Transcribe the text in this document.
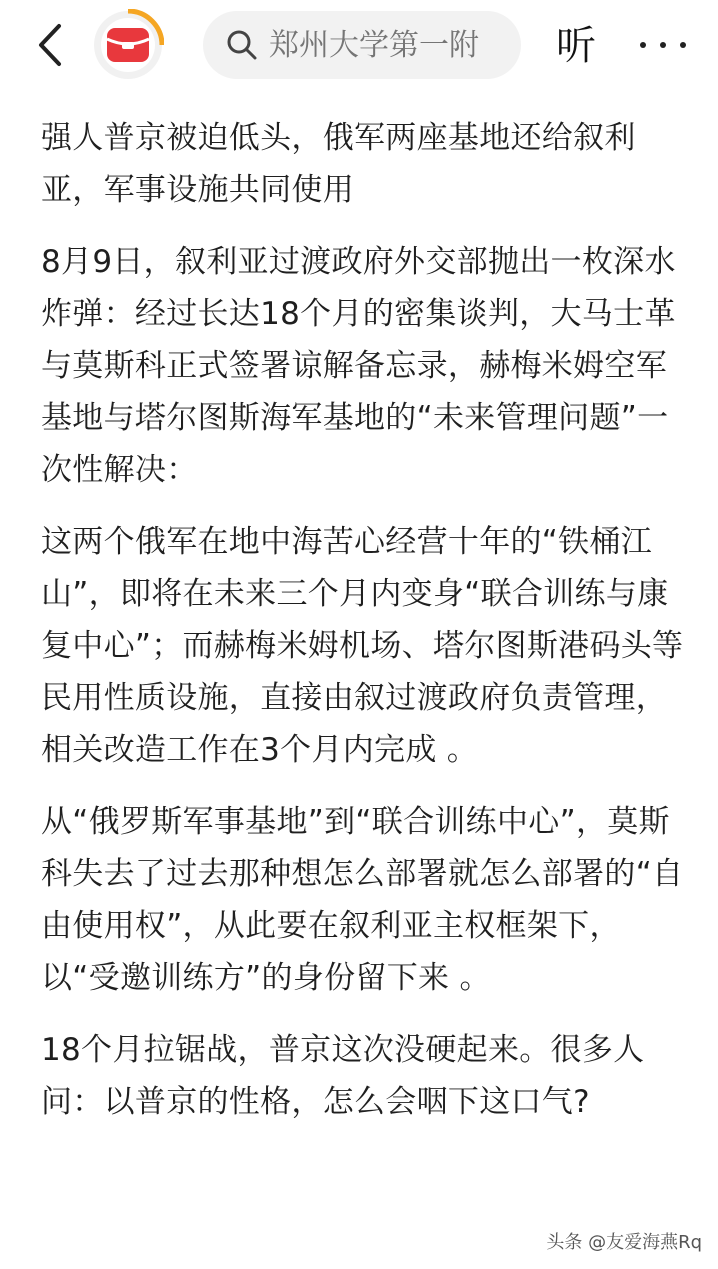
郑州大学第一附
听

强人普京被迫低头，俄军两座基地还给叙利亚，军事设施共同使用

8月9日，叙利亚过渡政府外交部抛出一枚深水炸弹：经过长达18个月的密集谈判，大马士革与莫斯科正式签署谅解备忘录，赫梅米姆空军基地与塔尔图斯海军基地的“未来管理问题”一次性解决：

这两个俄军在地中海苦心经营十年的“铁桶江山”，即将在未来三个月内变身“联合训练与康复中心”；而赫梅米姆机场、塔尔图斯港码头等民用性质设施，直接由叙过渡政府负责管理，相关改造工作在3个月内完成 。

从“俄罗斯军事基地”到“联合训练中心”，莫斯科失去了过去那种想怎么部署就怎么部署的“自由使用权”，从此要在叙利亚主权框架下，以“受邀训练方”的身份留下来 。

18个月拉锯战，普京这次没硬起来。很多人问：以普京的性格，怎么会咽下这口气?

头条 @友爱海燕Rq
